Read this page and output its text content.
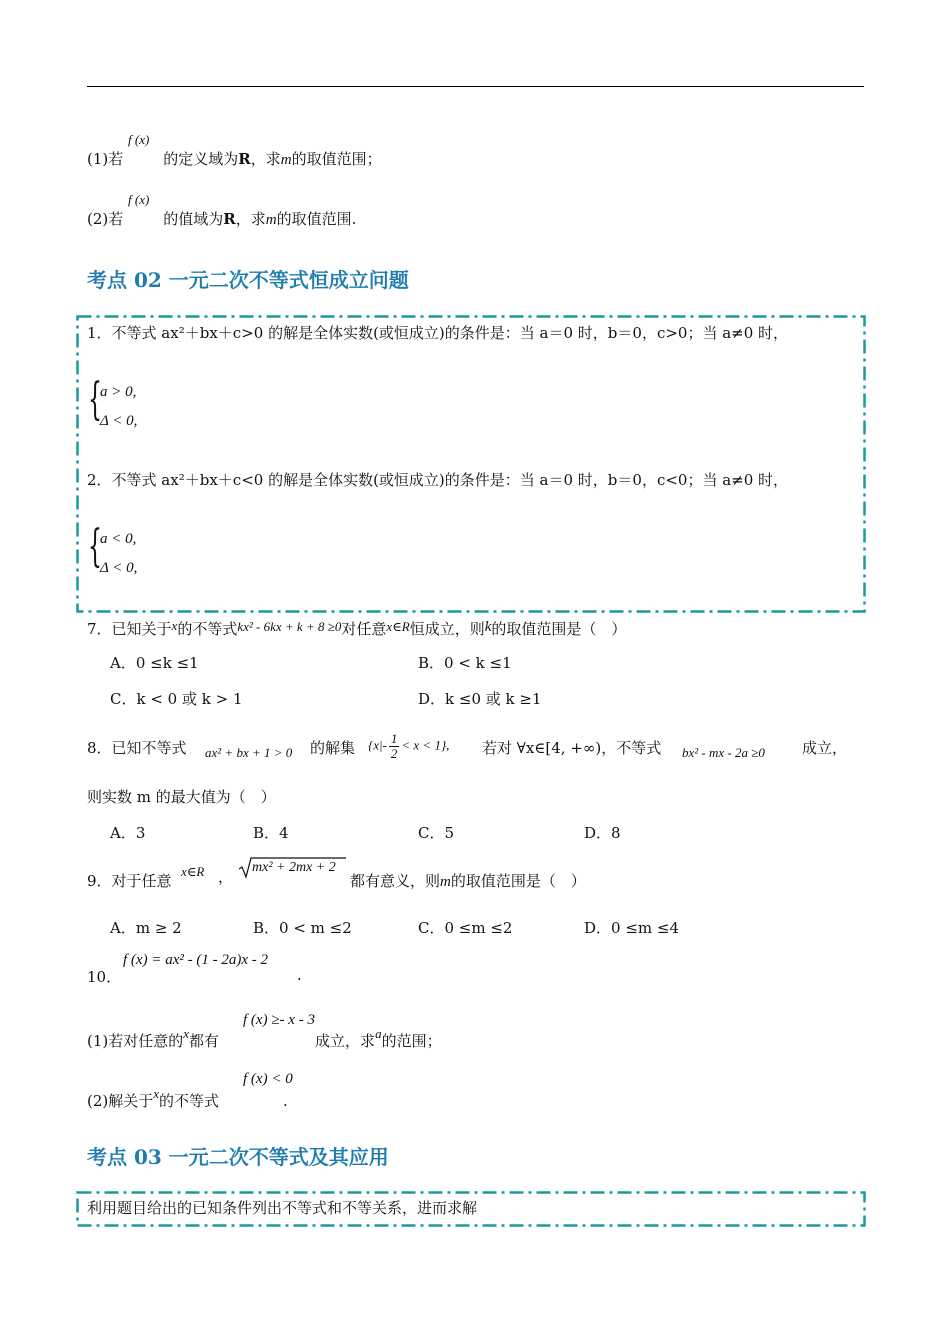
f (x)
(1)若	的定义域为R，求m的取值范围；
f (x)
(2)若	的值域为R，求m的取值范围.
考点 02 一元二次不等式恒成立问题
1．不等式 ax²＋bx＋c>0 的解是全体实数(或恒成立)的条件是：当 a＝0 时，b＝0，c>0；当 a≠0 时，
{
a > 0,
Δ < 0,
2．不等式 ax²＋bx＋c<0 的解是全体实数(或恒成立)的条件是：当 a＝0 时，b＝0，c<0；当 a≠0 时，
{
a < 0,
Δ < 0,
7．已知关于x的不等式kx² - 6kx + k + 8 ≥0对任意x∈R恒成立，则k的取值范围是（　）
A．0 ≤k ≤1	B．0 < k ≤1
C．k < 0 或 k > 1	D．k ≤0 或 k ≥1
8．已知不等式 ax² + bx + 1 > 0 的解集 $\{x|- \frac{1}{2} < x < 1\}$, 若对 ∀x∈[4, +∞)，不等式 bx² - mx - 2a ≥0 成立，
则实数 m 的最大值为（　）
A．3	B．4	C．5	D．8
9．对于任意
x∈R ，
mx² + 2mx + 2
都有意义，则m的取值范围是（　）
A．m ≥ 2	B．0 < m ≤2	C．0 ≤m ≤2	D．0 ≤m ≤4
10．
f (x) = ax² - (1 - 2a)x - 2
.
(1)若对任意的x都有	成立，求a的范围；
f (x) ≥- x - 3
(2)解关于x的不等式	.
f (x) < 0
考点 03 一元二次不等式及其应用
利用题目给出的已知条件列出不等式和不等关系，进而求解
